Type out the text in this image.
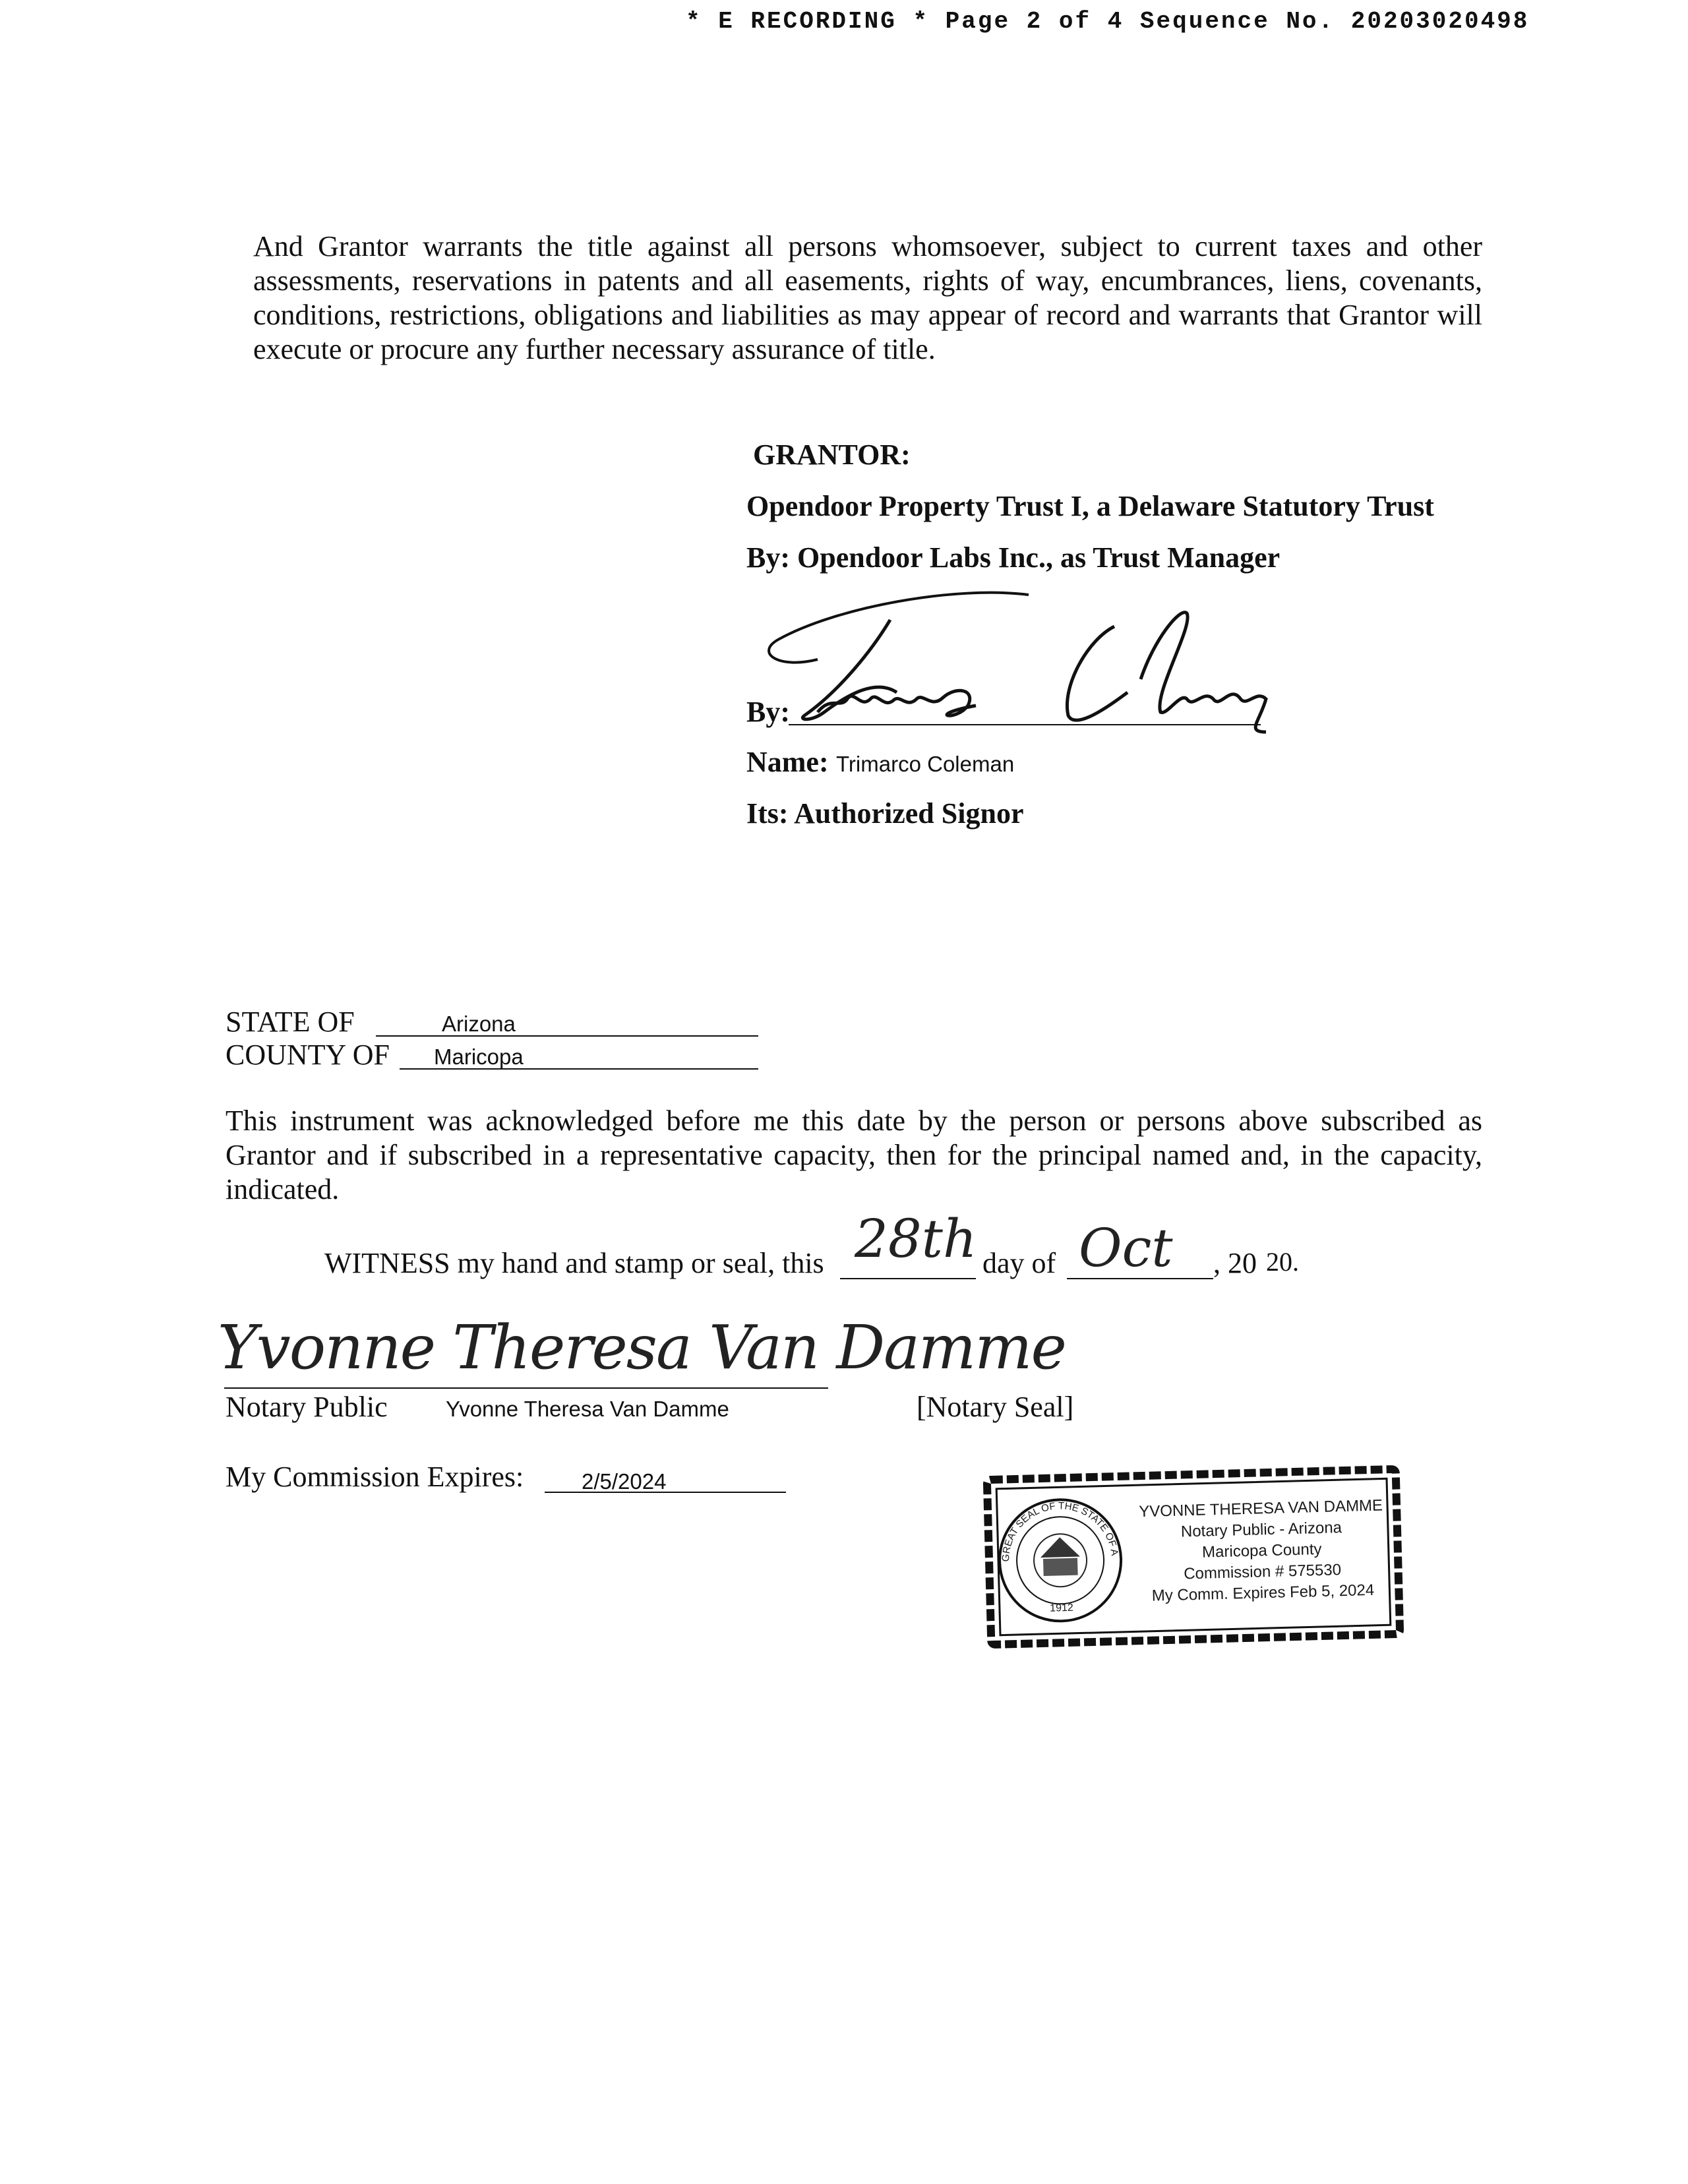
* E RECORDING * Page 2 of 4 Sequence No. 20203020498
And Grantor warrants the title against all persons whomsoever, subject to current taxes and other assessments, reservations in patents and all easements, rights of way, encumbrances, liens, covenants, conditions, restrictions, obligations and liabilities as may appear of record and warrants that Grantor will execute or procure any further necessary assurance of title.
GRANTOR:
Opendoor Property Trust I, a Delaware Statutory Trust
By: Opendoor Labs Inc., as Trust Manager
By:
Name: Trimarco Coleman
Its: Authorized Signor
STATE OF	Arizona
COUNTY OF Maricopa
This instrument was acknowledged before me this date by the person or persons above subscribed as Grantor and if subscribed in a representative capacity, then for the principal named and, in the capacity, indicated.
WITNESS my hand and stamp or seal, this 28th day of Oct , 20 20.
Yvonne Theresa Van Damme
Notary Public	Yvonne Theresa Van Damme	[Notary Seal]
My Commission Expires:	2/5/2024
GREAT SEAL OF THE STATE OF ARIZONA
1912
YVONNE THERESA VAN DAMME
Notary Public - Arizona
Maricopa County
Commission # 575530
My Comm. Expires Feb 5, 2024
